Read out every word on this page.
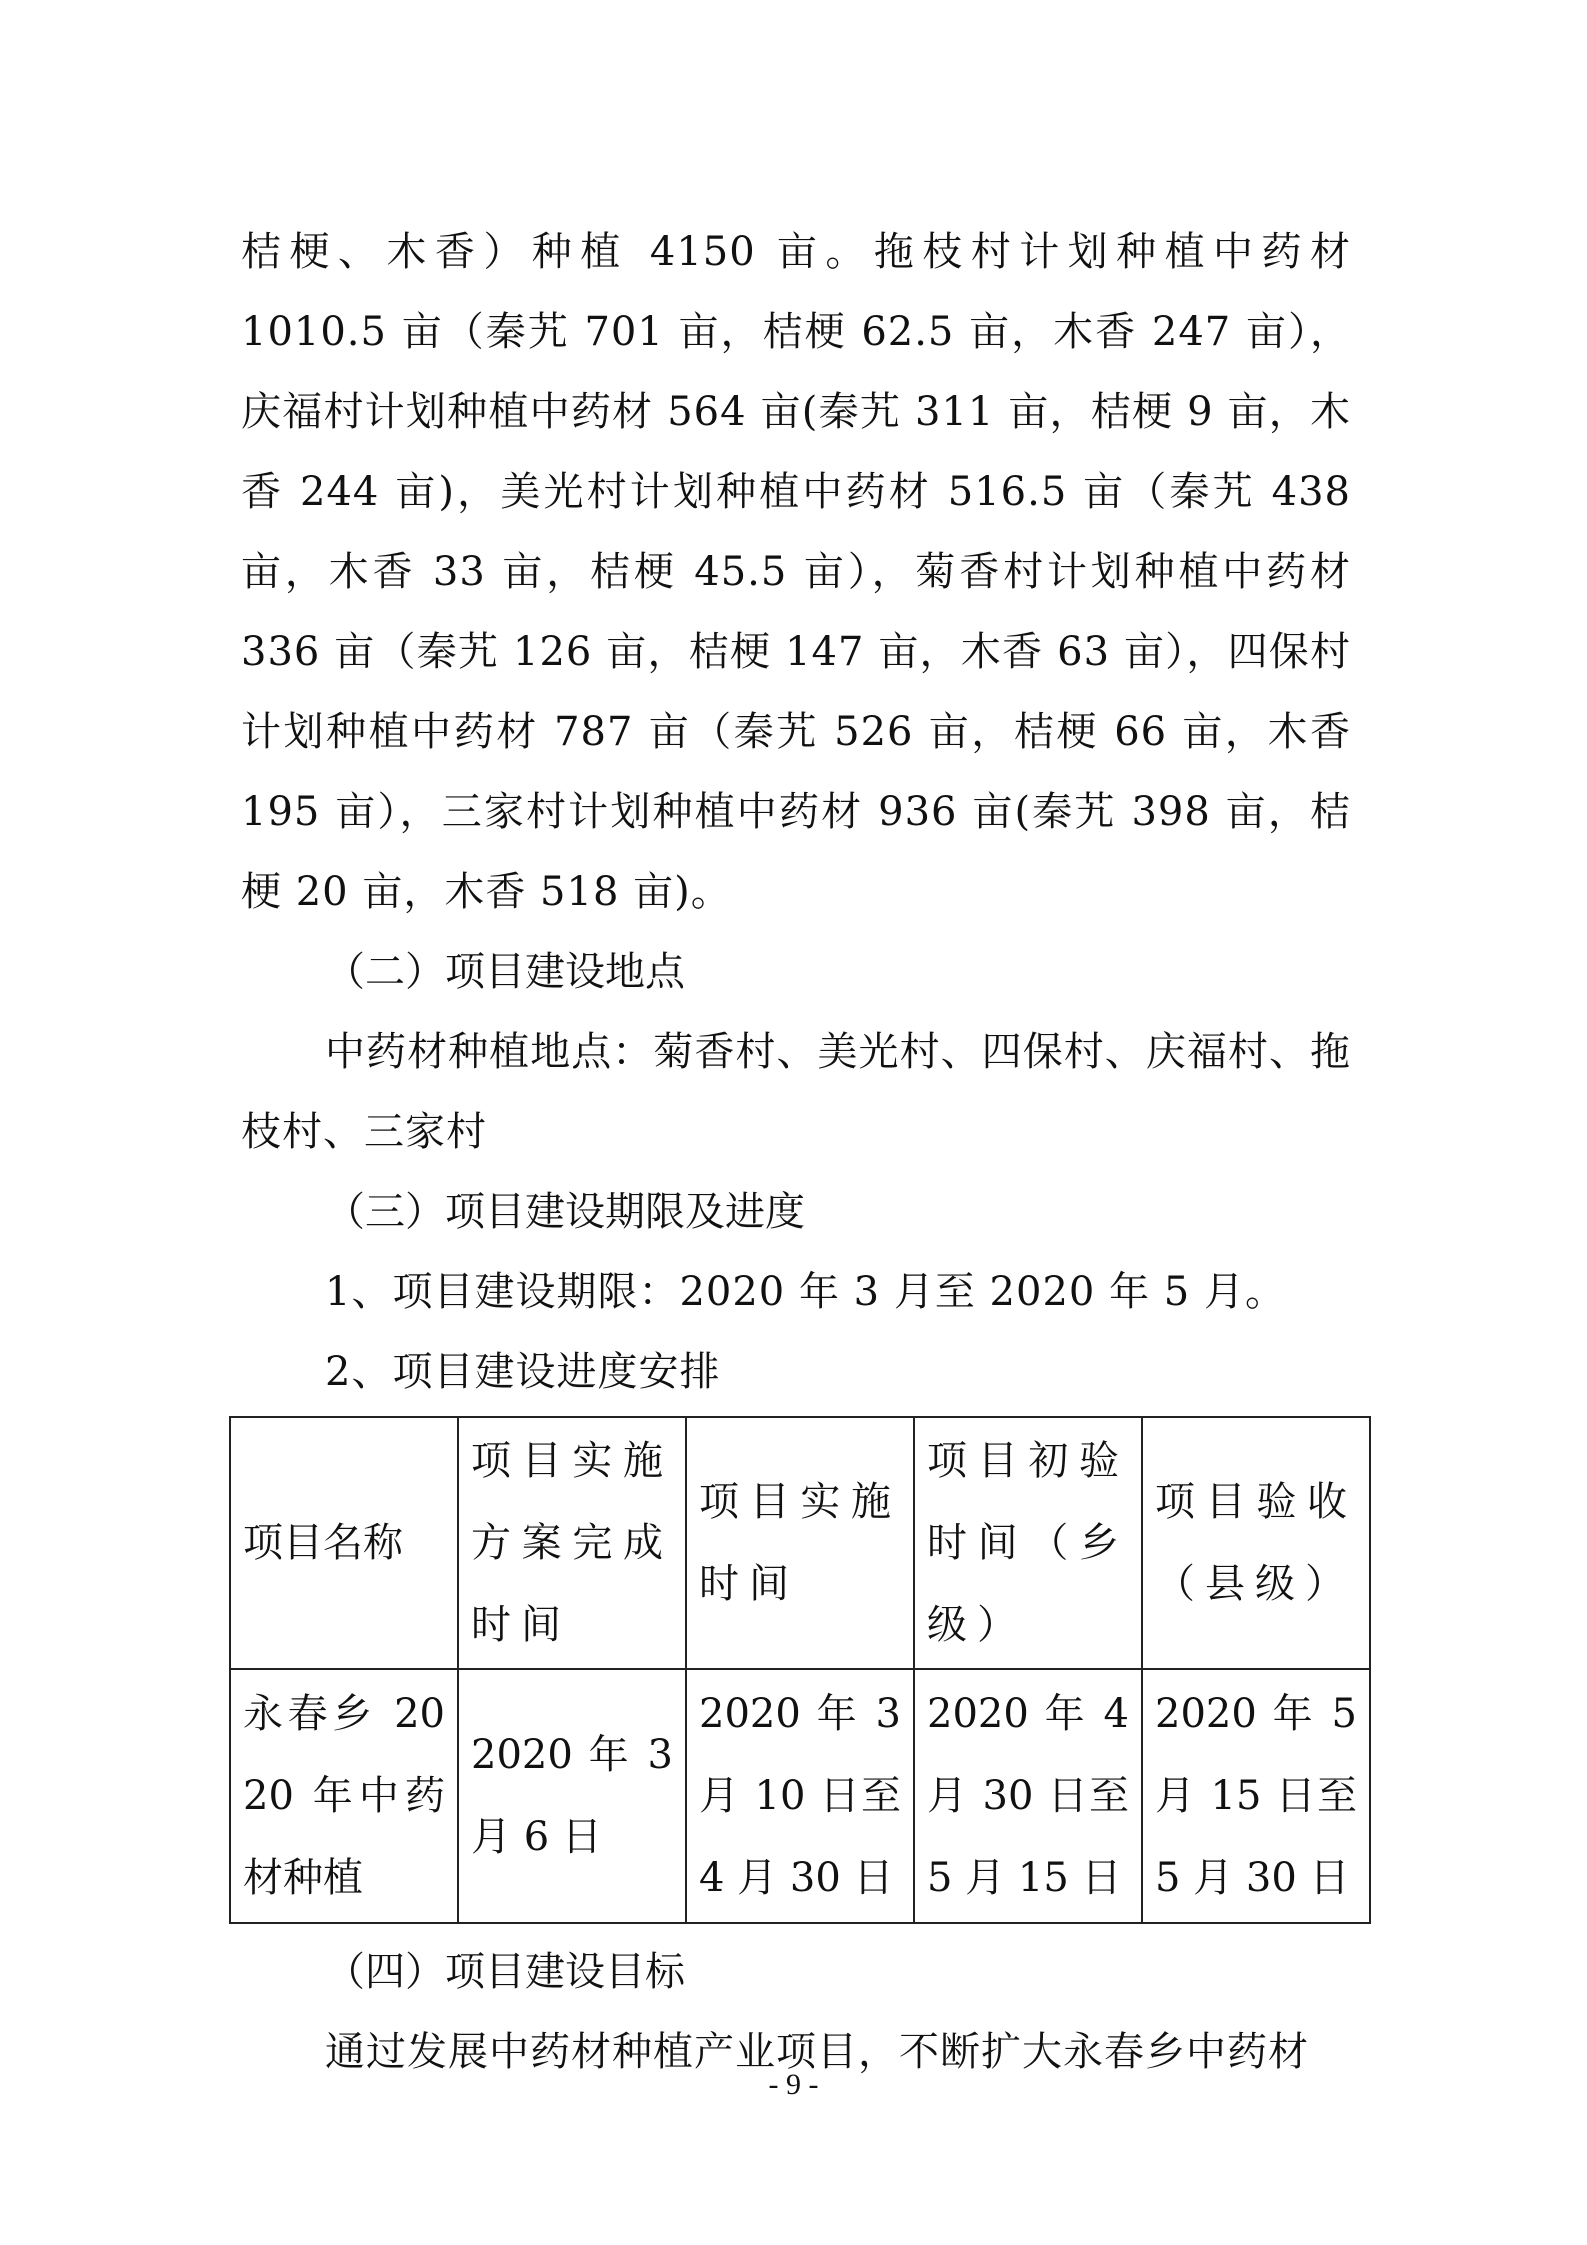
桔梗、木香）种植 4150 亩。拖枝村计划种植中药材 1010.5 亩（秦艽 701 亩，桔梗 62.5 亩，木香 247 亩），庆福村计划种植中药材 564 亩(秦艽 311 亩，桔梗 9 亩，木香 244 亩)，美光村计划种植中药材 516.5 亩（秦艽 438 亩，木香 33 亩，桔梗 45.5 亩），菊香村计划种植中药材 336 亩（秦艽 126 亩，桔梗 147 亩，木香 63 亩），四保村计划种植中药材 787 亩（秦艽 526 亩，桔梗 66 亩，木香 195 亩），三家村计划种植中药材 936 亩(秦艽 398 亩，桔梗 20 亩，木香 518 亩)。

（二）项目建设地点

中药材种植地点：菊香村、美光村、四保村、庆福村、拖枝村、三家村

（三）项目建设期限及进度

1、项目建设期限：2020 年 3 月至 2020 年 5 月。

2、项目建设进度安排

项目名称	项目实施方案完成时间	项目实施时间	项目初验时间（乡级）	项目验收（县级）
永春乡 2020 年中药材种植	2020 年 3 月 6 日	2020 年 3 月 10 日至 4 月 30 日	2020 年 4 月 30 日至 5 月 15 日	2020 年 5 月 15 日至 5 月 30 日

（四）项目建设目标

通过发展中药材种植产业项目，不断扩大永春乡中药材

- 9 -
